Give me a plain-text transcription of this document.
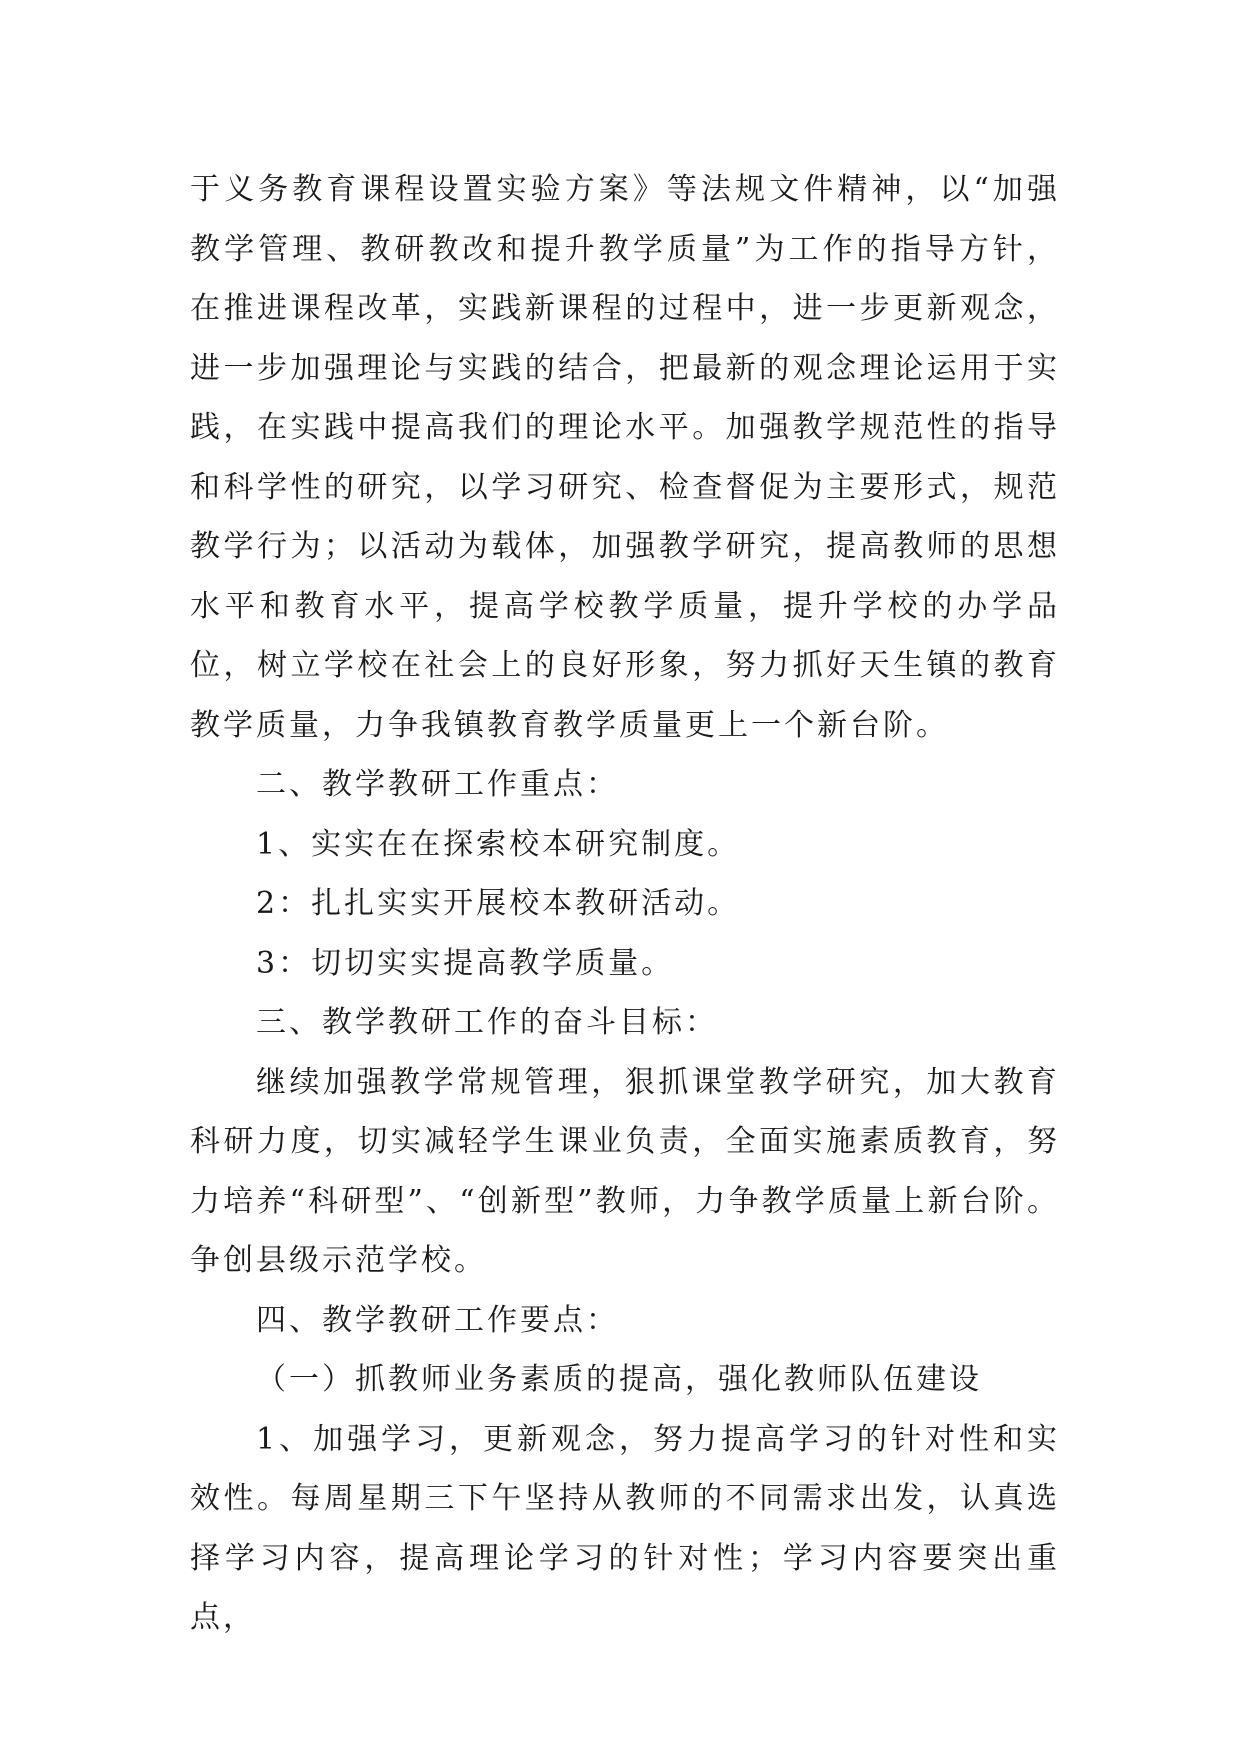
于义务教育课程设置实验方案》等法规文件精神，以“加强教学管理、教研教改和提升教学质量”为工作的指导方针，在推进课程改革，实践新课程的过程中，进一步更新观念，进一步加强理论与实践的结合，把最新的观念理论运用于实践，在实践中提高我们的理论水平。加强教学规范性的指导和科学性的研究，以学习研究、检查督促为主要形式，规范教学行为；以活动为载体，加强教学研究，提高教师的思想水平和教育水平，提高学校教学质量，提升学校的办学品位，树立学校在社会上的良好形象，努力抓好天生镇的教育教学质量，力争我镇教育教学质量更上一个新台阶。

二、教学教研工作重点：

1、实实在在探索校本研究制度。

2：扎扎实实开展校本教研活动。

3：切切实实提高教学质量。

三、教学教研工作的奋斗目标：

继续加强教学常规管理，狠抓课堂教学研究，加大教育科研力度，切实减轻学生课业负责，全面实施素质教育，努力培养“科研型”、“创新型”教师，力争教学质量上新台阶。争创县级示范学校。

四、教学教研工作要点：

（一）抓教师业务素质的提高，强化教师队伍建设

1、加强学习，更新观念，努力提高学习的针对性和实效性。每周星期三下午坚持从教师的不同需求出发，认真选择学习内容，提高理论学习的针对性；学习内容要突出重点，
